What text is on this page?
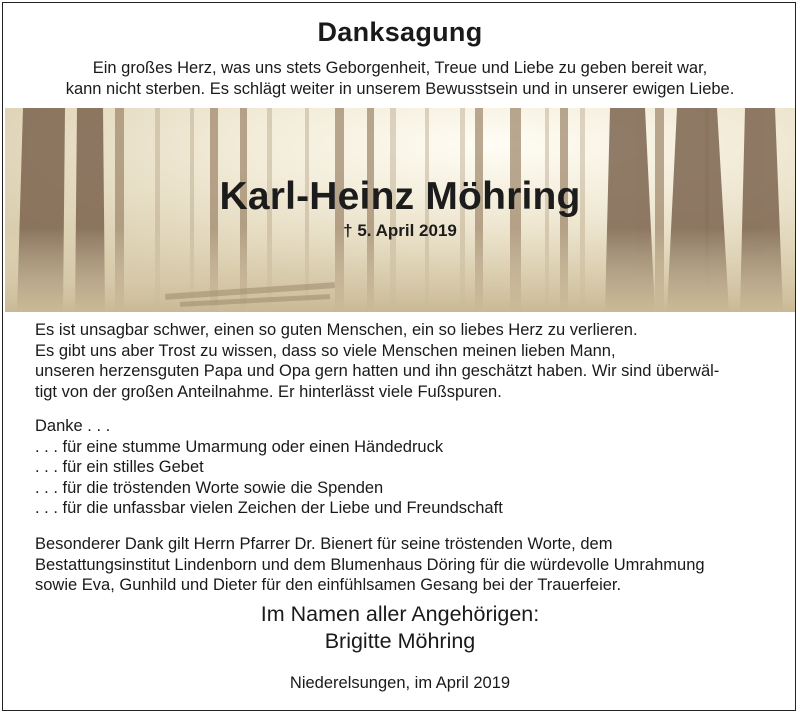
Danksagung
Ein großes Herz, was uns stets Geborgenheit, Treue und Liebe zu geben bereit war,
kann nicht sterben. Es schlägt weiter in unserem Bewusstsein und in unserer ewigen Liebe.
Karl-Heinz Möhring
† 5. April 2019
Es ist unsagbar schwer, einen so guten Menschen, ein so liebes Herz zu verlieren.
Es gibt uns aber Trost zu wissen, dass so viele Menschen meinen lieben Mann,
unseren herzensguten Papa und Opa gern hatten und ihn geschätzt haben. Wir sind überwäl-
tigt von der großen Anteilnahme. Er hinterlässt viele Fußspuren.
Danke . . .
. . . für eine stumme Umarmung oder einen Händedruck
. . . für ein stilles Gebet
. . . für die tröstenden Worte sowie die Spenden
. . . für die unfassbar vielen Zeichen der Liebe und Freundschaft
Besonderer Dank gilt Herrn Pfarrer Dr. Bienert für seine tröstenden Worte, dem
Bestattungsinstitut Lindenborn und dem Blumenhaus Döring für die würdevolle Umrahmung
sowie Eva, Gunhild und Dieter für den einfühlsamen Gesang bei der Trauerfeier.
Im Namen aller Angehörigen:
Brigitte Möhring
Niederelsungen, im April 2019
